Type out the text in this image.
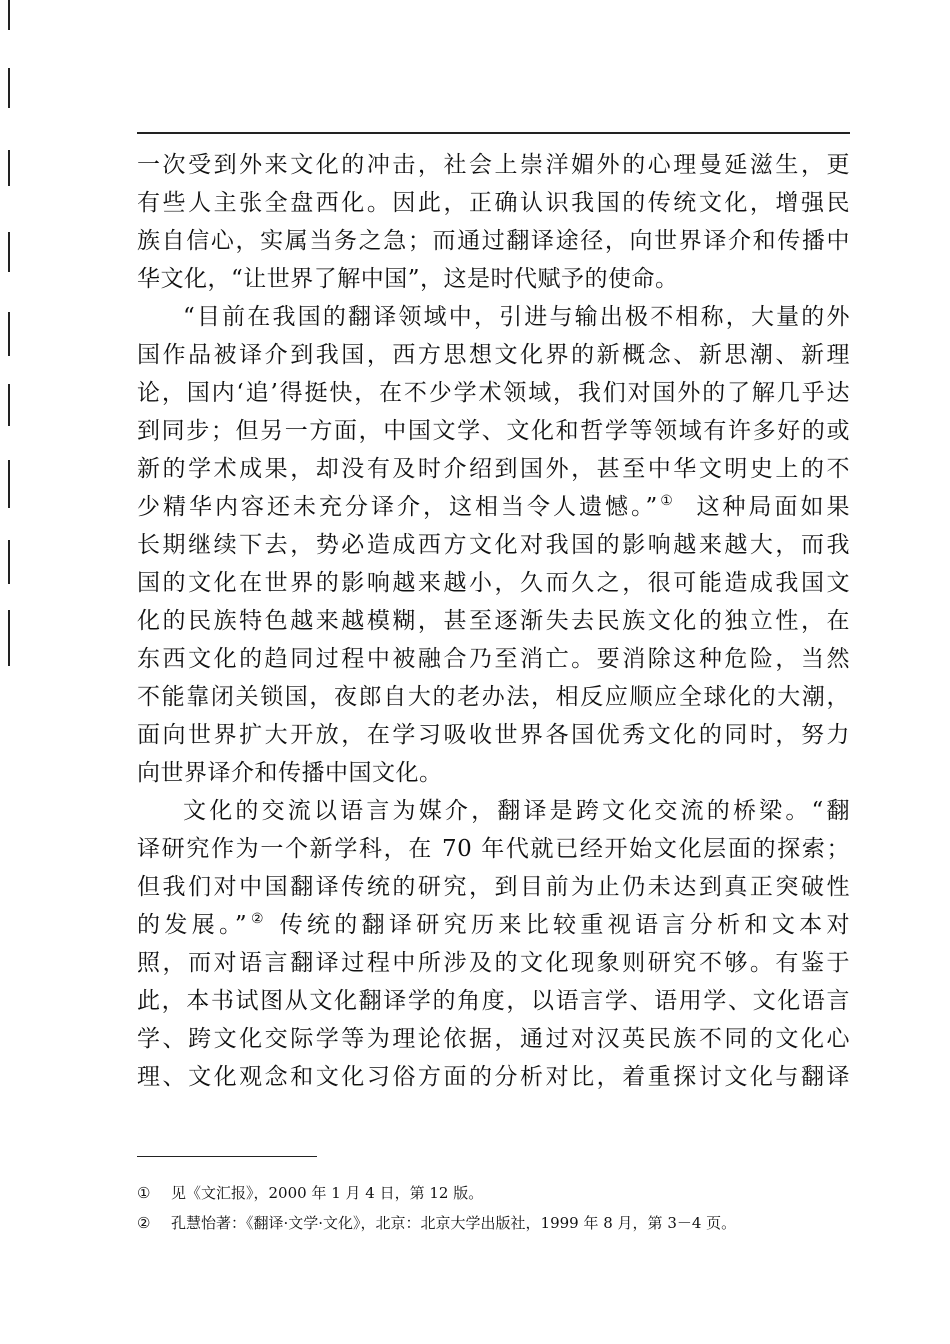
一次受到外来文化的冲击，社会上崇洋媚外的心理曼延滋生，更
有些人主张全盘西化。因此，正确认识我国的传统文化，增强民
族自信心，实属当务之急；而通过翻译途径，向世界译介和传播中
华文化，“让世界了解中国”，这是时代赋予的使命。
“目前在我国的翻译领域中，引进与输出极不相称，大量的外
国作品被译介到我国，西方思想文化界的新概念、新思潮、新理
论，国内‘追’得挺快，在不少学术领域，我们对国外的了解几乎达
到同步；但另一方面，中国文学、文化和哲学等领域有许多好的或
新的学术成果，却没有及时介绍到国外，甚至中华文明史上的不
少精华内容还未充分译介，这相当令人遗憾。”① 这种局面如果
长期继续下去，势必造成西方文化对我国的影响越来越大，而我
国的文化在世界的影响越来越小，久而久之，很可能造成我国文
化的民族特色越来越模糊，甚至逐渐失去民族文化的独立性，在
东西文化的趋同过程中被融合乃至消亡。要消除这种危险，当然
不能靠闭关锁国，夜郎自大的老办法，相反应顺应全球化的大潮，
面向世界扩大开放，在学习吸收世界各国优秀文化的同时，努力
向世界译介和传播中国文化。
文化的交流以语言为媒介，翻译是跨文化交流的桥梁。“翻
译研究作为一个新学科，在 70 年代就已经开始文化层面的探索；
但我们对中国翻译传统的研究，到目前为止仍未达到真正突破性
的发展。”② 传统的翻译研究历来比较重视语言分析和文本对
照，而对语言翻译过程中所涉及的文化现象则研究不够。有鉴于
此，本书试图从文化翻译学的角度，以语言学、语用学、文化语言
学、跨文化交际学等为理论依据，通过对汉英民族不同的文化心
理、文化观念和文化习俗方面的分析对比，着重探讨文化与翻译
① 见《文汇报》，2000 年 1 月 4 日，第 12 版。
② 孔慧怡著：《翻译·文学·文化》，北京：北京大学出版社，1999 年 8 月，第 3－4 页。
